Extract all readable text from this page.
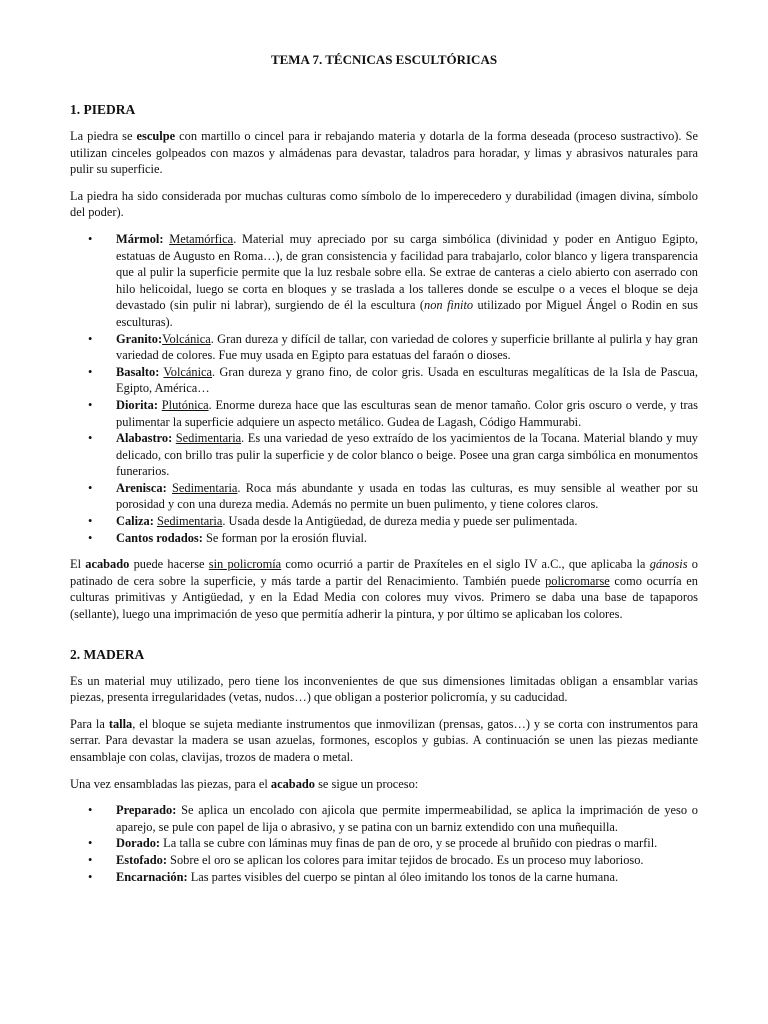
TEMA 7. TÉCNICAS ESCULTÓRICAS
1. PIEDRA

La piedra se esculpe con martillo o cincel para ir rebajando materia y dotarla de la forma deseada (proceso sustractivo). Se utilizan cinceles golpeados con mazos y almádenas para devastar, taladros para horadar, y limas y abrasivos naturales para pulir su superficie.

La piedra ha sido considerada por muchas culturas como símbolo de lo imperecedero y durabilidad (imagen divina, símbolo del poder).

• Mármol: Metamórfica. Material muy apreciado por su carga simbólica (divinidad y poder en Antiguo Egipto, estatuas de Augusto en Roma…), de gran consistencia y facilidad para trabajarlo, color blanco y ligera transparencia que al pulir la superficie permite que la luz resbale sobre ella. Se extrae de canteras a cielo abierto con aserrado con hilo helicoidal, luego se corta en bloques y se traslada a los talleres donde se esculpe o a veces el bloque se deja devastado (sin pulir ni labrar), surgiendo de él la escultura (non finito utilizado por Miguel Ángel o Rodin en sus esculturas).
• Granito:Volcánica. Gran dureza y difícil de tallar, con variedad de colores y superficie brillante al pulirla y hay gran variedad de colores. Fue muy usada en Egipto para estatuas del faraón o dioses.
• Basalto: Volcánica. Gran dureza y grano fino, de color gris. Usada en esculturas megalíticas de la Isla de Pascua, Egipto, América…
• Diorita: Plutónica. Enorme dureza hace que las esculturas sean de menor tamaño. Color gris oscuro o verde, y tras pulimentar la superficie adquiere un aspecto metálico. Gudea de Lagash, Código Hammurabi.
• Alabastro: Sedimentaria. Es una variedad de yeso extraído de los yacimientos de la Tocana. Material blando y muy delicado, con brillo tras pulir la superficie y de color blanco o beige. Posee una gran carga simbólica en monumentos funerarios.
• Arenisca: Sedimentaria. Roca más abundante y usada en todas las culturas, es muy sensible al weather por su porosidad y con una dureza media. Además no permite un buen pulimento, y tiene colores claros.
• Caliza: Sedimentaria. Usada desde la Antigüedad, de dureza media y puede ser pulimentada.
• Cantos rodados: Se forman por la erosión fluvial.

El acabado puede hacerse sin policromía como ocurrió a partir de Praxíteles en el siglo IV a.C., que aplicaba la gánosis o patinado de cera sobre la superficie, y más tarde a partir del Renacimiento. También puede policromarse como ocurría en culturas primitivas y Antigüedad, y en la Edad Media con colores muy vivos. Primero se daba una base de tapaporos (sellante), luego una imprimación de yeso que permitía adherir la pintura, y por último se aplicaban los colores.

2. MADERA

Es un material muy utilizado, pero tiene los inconvenientes de que sus dimensiones limitadas obligan a ensamblar varias piezas, presenta irregularidades (vetas, nudos…) que obligan a posterior policromía, y su caducidad.

Para la talla, el bloque se sujeta mediante instrumentos que inmovilizan (prensas, gatos…) y se corta con instrumentos para serrar. Para devastar la madera se usan azuelas, formones, escoplos y gubias. A continuación se unen las piezas mediante ensamblaje con colas, clavijas, trozos de madera o metal.

Una vez ensambladas las piezas, para el acabado se sigue un proceso:

• Preparado: Se aplica un encolado con ajicola que permite impermeabilidad, se aplica la imprimación de yeso o aparejo, se pule con papel de lija o abrasivo, y se patina con un barniz extendido con una muñequilla.
• Dorado: La talla se cubre con láminas muy finas de pan de oro, y se procede al bruñido con piedras o marfil.
• Estofado: Sobre el oro se aplican los colores para imitar tejidos de brocado. Es un proceso muy laborioso.
• Encarnación: Las partes visibles del cuerpo se pintan al óleo imitando los tonos de la carne humana.
